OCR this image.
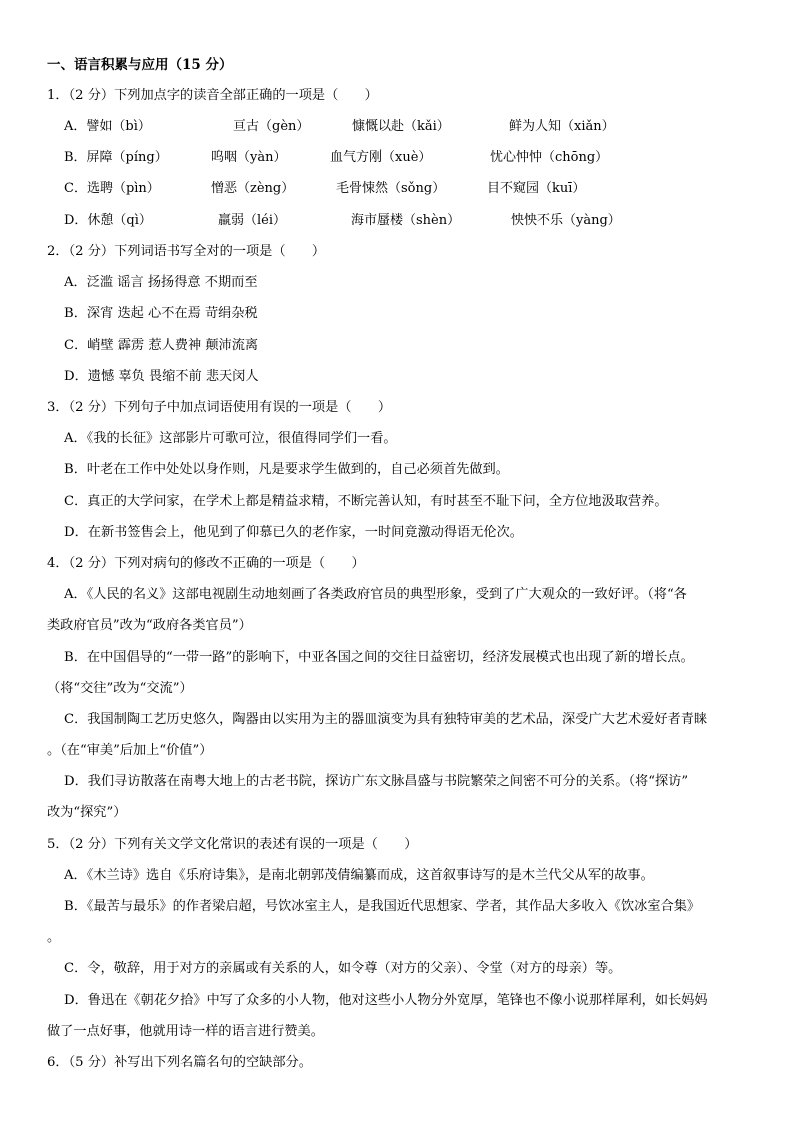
一、语言积累与应用（15 分）
1．（2 分）下列加点字的读音全部正确的一项是（　　）
A．譬如（bì）	亘古（gèn）	慷慨以赴（kǎi）	鲜为人知（xiǎn）
B．屏障（píng）	呜咽（yàn）	血气方刚（xuè）	忧心忡忡（chōng）
C．选聘（pìn）	憎恶（zèng）	毛骨悚然（sǒng）	目不窥园（kuī）
D．休憩（qì）	羸弱（léi）	海市蜃楼（shèn）	怏怏不乐（yàng）
2．（2 分）下列词语书写全对的一项是（　　）
A．泛滥 谣言 扬扬得意 不期而至
B．深宵 迭起 心不在焉 苛绢杂税
C．峭壁 霹雳 惹人费神 颠沛流离
D．遗憾 辜负 畏缩不前 悲天闵人
3．（2 分）下列句子中加点词语使用有误的一项是（　　）
A．《我的长征》这部影片可歌可泣，很值得同学们一看。
B．叶老在工作中处处以身作则，凡是要求学生做到的，自己必须首先做到。
C．真正的大学问家，在学术上都是精益求精，不断完善认知，有时甚至不耻下问，全方位地汲取营养。
D．在新书签售会上，他见到了仰慕已久的老作家，一时间竟激动得语无伦次。
4．（2 分）下列对病句的修改不正确的一项是（　　）
A．《人民的名义》这部电视剧生动地刻画了各类政府官员的典型形象，受到了广大观众的一致好评。（将“各
类政府官员”改为“政府各类官员”）
B．在中国倡导的“一带一路”的影响下，中亚各国之间的交往日益密切，经济发展模式也出现了新的增长点。
（将“交往”改为“交流”）
C．我国制陶工艺历史悠久，陶器由以实用为主的器皿演变为具有独特审美的艺术品，深受广大艺术爱好者青睐
。（在“审美”后加上“价值”）
D．我们寻访散落在南粤大地上的古老书院，探访广东文脉昌盛与书院繁荣之间密不可分的关系。（将“探访”
改为“探究”）
5．（2 分）下列有关文学文化常识的表述有误的一项是（　　）
A．《木兰诗》选自《乐府诗集》，是南北朝郭茂倩编纂而成，这首叙事诗写的是木兰代父从军的故事。
B．《最苦与最乐》的作者梁启超，号饮冰室主人，是我国近代思想家、学者，其作品大多收入《饮冰室合集》
。
C．令，敬辞，用于对方的亲属或有关系的人，如令尊（对方的父亲）、令堂（对方的母亲）等。
D．鲁迅在《朝花夕拾》中写了众多的小人物，他对这些小人物分外宽厚，笔锋也不像小说那样犀利，如长妈妈
做了一点好事，他就用诗一样的语言进行赞美。
6．（5 分）补写出下列名篇名句的空缺部分。
